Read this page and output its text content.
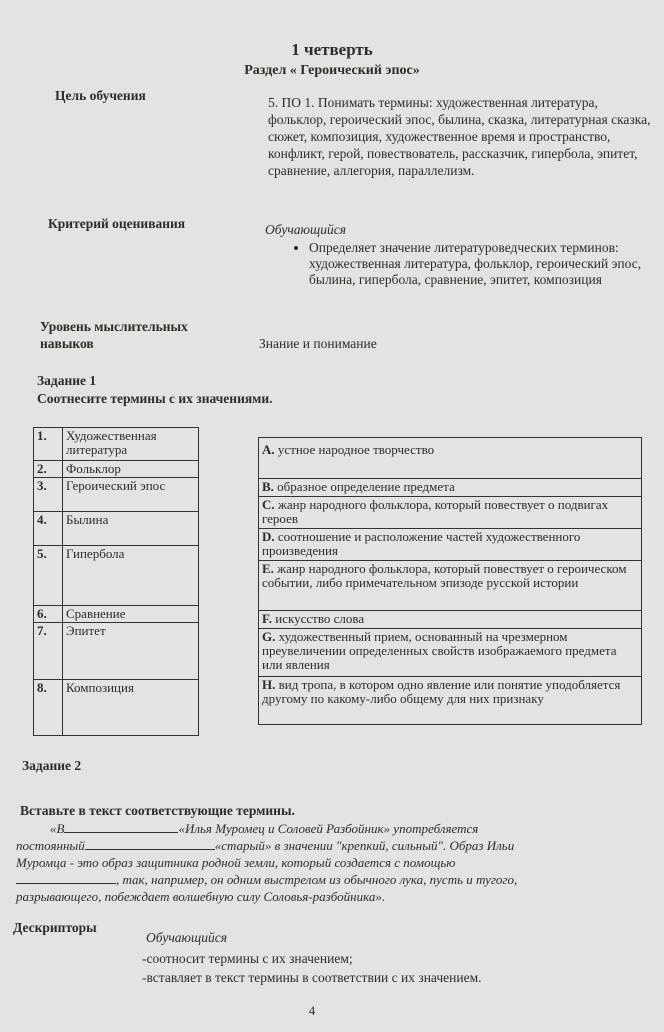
1 четверть
Раздел « Героический эпос»
Цель обучения	5. ПО 1. Понимать термины: художественная литература, фольклор, героический эпос, былина, сказка, литературная сказка, сюжет, композиция, художественное время и пространство, конфликт, герой, повествователь, рассказчик, гипербола, эпитет, сравнение, аллегория, параллелизм.
Критерий оценивания	Обучающийся
• Определяет значение литературоведческих терминов: художественная литература, фольклор, героический эпос, былина, гипербола, сравнение, эпитет, композиция
Уровень мыслительных навыков	Знание и понимание
Задание 1
Соотнесите термины с их значениями.
1.	Художественная литература
2.	Фольклор
3.	Героический эпос
4.	Былина
5.	Гипербола
6.	Сравнение
7.	Эпитет
8.	Композиция
A. устное народное творчество
B. образное определение предмета
C. жанр народного фольклора, который повествует о подвигах героев
D. соотношение и расположение частей художественного произведения
E. жанр народного фольклора, который повествует о героическом событии, либо примечательном эпизоде русской истории
F. искусство слова
G. художественный прием, основанный на чрезмерном преувеличении определенных свойств изображаемого предмета или явления
H. вид тропа, в котором одно явление или понятие уподобляется другому по какому-либо общему для них признаку
Задание 2
Вставьте в текст соответствующие термины.
«В	«Илья Муромец и Соловей Разбойник» употребляется
постоянный	«старый» в значении "крепкий, сильный". Образ Ильи
Муромца - это образ защитника родной земли, который создается с помощью
, так, например, он одним выстрелом из обычного лука, пусть и тугого,
разрывающего, побеждает волшебную силу Соловья-разбойника».
Дескрипторы
Обучающийся
-соотносит термины с их значением;
-вставляет в текст термины в соответствии с их значением.
4
